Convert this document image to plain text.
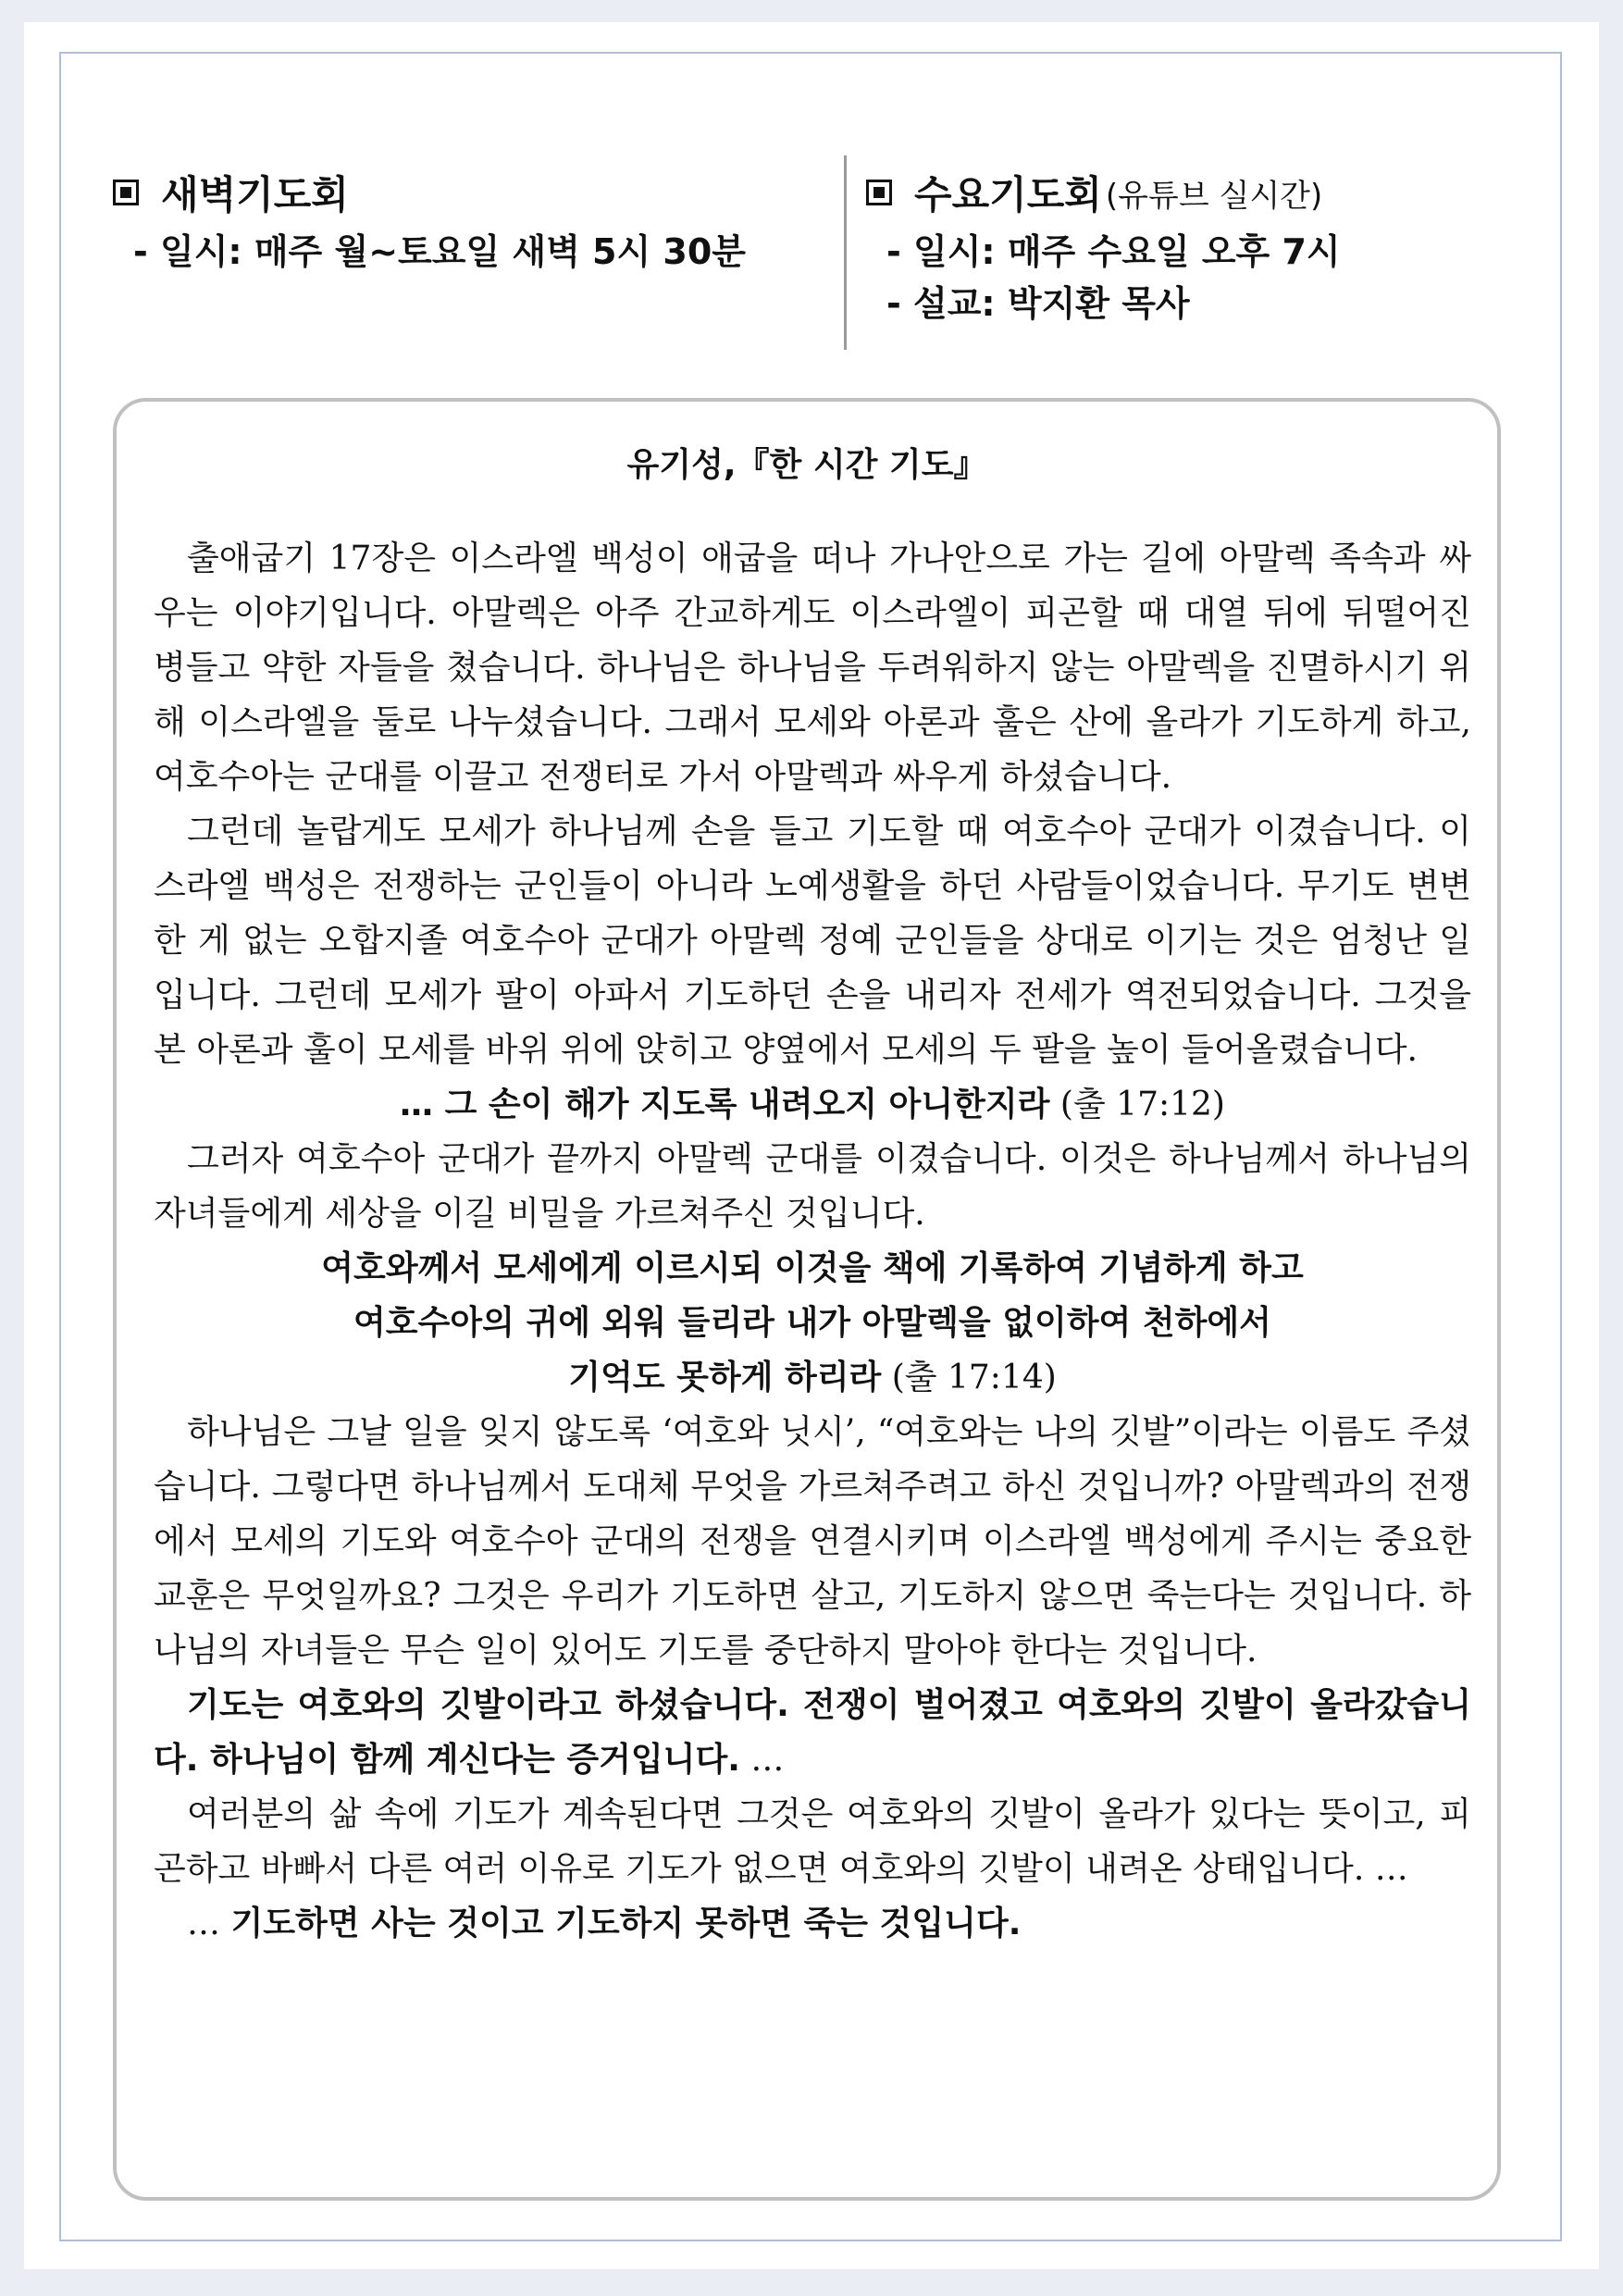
새벽기도회
- 일시: 매주 월~토요일 새벽 5시 30분
수요기도회 (유튜브 실시간)
- 일시: 매주 수요일 오후 7시
- 설교: 박지환 목사
유기성,『한 시간 기도』

출애굽기 17장은 이스라엘 백성이 애굽을 떠나 가나안으로 가는 길에 아말렉 족속과 싸우는 이야기입니다. 아말렉은 아주 간교하게도 이스라엘이 피곤할 때 대열 뒤에 뒤떨어진 병들고 약한 자들을 쳤습니다. 하나님은 하나님을 두려워하지 않는 아말렉을 진멸하시기 위해 이스라엘을 둘로 나누셨습니다. 그래서 모세와 아론과 훌은 산에 올라가 기도하게 하고, 여호수아는 군대를 이끌고 전쟁터로 가서 아말렉과 싸우게 하셨습니다.

그런데 놀랍게도 모세가 하나님께 손을 들고 기도할 때 여호수아 군대가 이겼습니다. 이스라엘 백성은 전쟁하는 군인들이 아니라 노예생활을 하던 사람들이었습니다. 무기도 변변한 게 없는 오합지졸 여호수아 군대가 아말렉 정예 군인들을 상대로 이기는 것은 엄청난 일입니다. 그런데 모세가 팔이 아파서 기도하던 손을 내리자 전세가 역전되었습니다. 그것을 본 아론과 훌이 모세를 바위 위에 앉히고 양옆에서 모세의 두 팔을 높이 들어올렸습니다.

… 그 손이 해가 지도록 내려오지 아니한지라 (출 17:12)

그러자 여호수아 군대가 끝까지 아말렉 군대를 이겼습니다. 이것은 하나님께서 하나님의 자녀들에게 세상을 이길 비밀을 가르쳐주신 것입니다.

여호와께서 모세에게 이르시되 이것을 책에 기록하여 기념하게 하고

여호수아의 귀에 외워 들리라 내가 아말렉을 없이하여 천하에서

기억도 못하게 하리라 (출 17:14)

하나님은 그날 일을 잊지 않도록 ‘여호와 닛시’, “여호와는 나의 깃발”이라는 이름도 주셨습니다. 그렇다면 하나님께서 도대체 무엇을 가르쳐주려고 하신 것입니까? 아말렉과의 전쟁에서 모세의 기도와 여호수아 군대의 전쟁을 연결시키며 이스라엘 백성에게 주시는 중요한 교훈은 무엇일까요? 그것은 우리가 기도하면 살고, 기도하지 않으면 죽는다는 것입니다. 하나님의 자녀들은 무슨 일이 있어도 기도를 중단하지 말아야 한다는 것입니다.

기도는 여호와의 깃발이라고 하셨습니다. 전쟁이 벌어졌고 여호와의 깃발이 올라갔습니다. 하나님이 함께 계신다는 증거입니다. …

여러분의 삶 속에 기도가 계속된다면 그것은 여호와의 깃발이 올라가 있다는 뜻이고, 피곤하고 바빠서 다른 여러 이유로 기도가 없으면 여호와의 깃발이 내려온 상태입니다. …

… 기도하면 사는 것이고 기도하지 못하면 죽는 것입니다.
